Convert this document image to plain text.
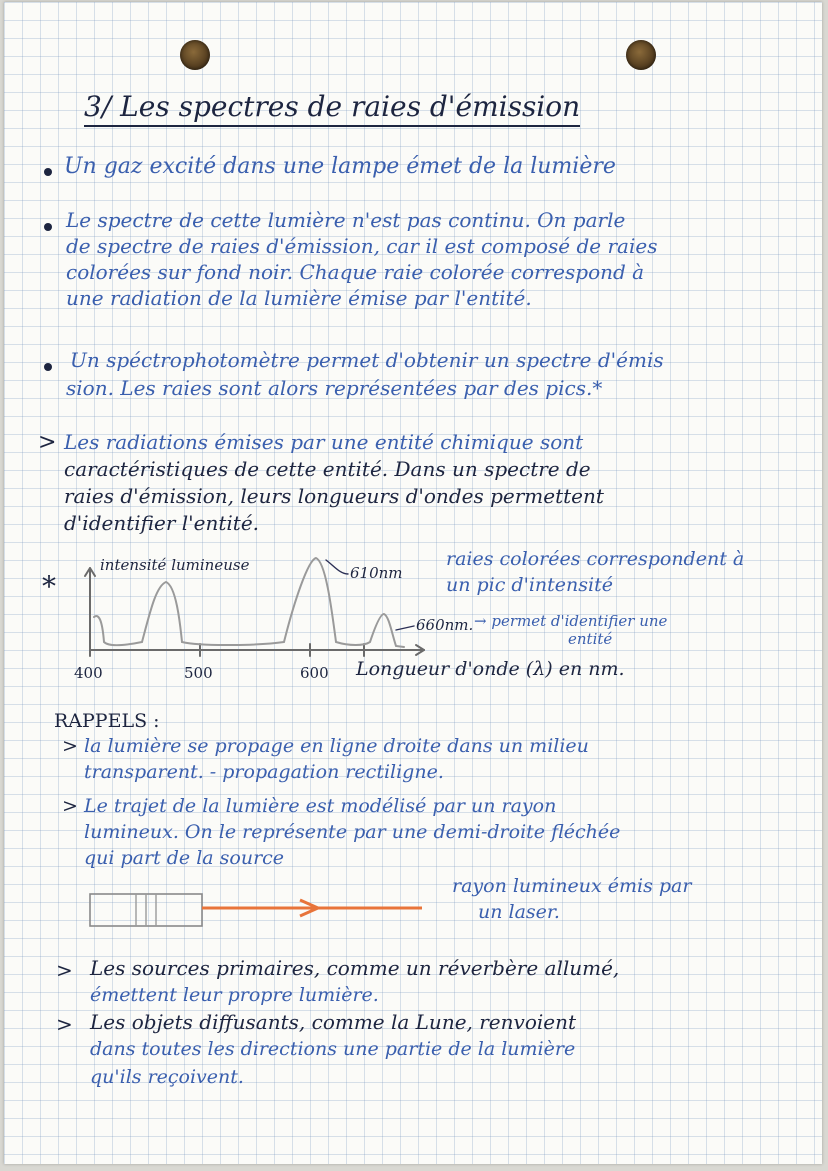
3/ Les spectres de raies d'émission
Un gaz excité dans une lampe émet de la lumière
Le spectre de cette lumière n'est pas continu. On parle
de spectre de raies d'émission, car il est composé de raies
colorées sur fond noir. Chaque raie colorée correspond à
une radiation de la lumière émise par l'entité.
Un spéctrophotomètre permet d'obtenir un spectre d'émis
sion. Les raies sont alors représentées par des pics.*
> Les radiations émises par une entité chimique sont
caractéristiques de cette entité. Dans un spectre de
raies d'émission, leurs longueurs d'ondes permettent
d'identifier l'entité.
*
intensité lumineuse	610nm
660nm. → permet d'identifier une
entité
raies colorées correspondent à
un pic d'intensité
400	500	600 Longueur d'onde (λ) en nm.
RAPPELS :
> la lumière se propage en ligne droite dans un milieu
transparent. - propagation rectiligne.
> Le trajet de la lumière est modélisé par un rayon
lumineux. On le représente par une demi-droite fléchée
qui part de la source
rayon lumineux émis par
un laser.
> Les sources primaires, comme un réverbère allumé,
émettent leur propre lumière.
> Les objets diffusants, comme la Lune, renvoient
dans toutes les directions une partie de la lumière
qu'ils reçoivent.
